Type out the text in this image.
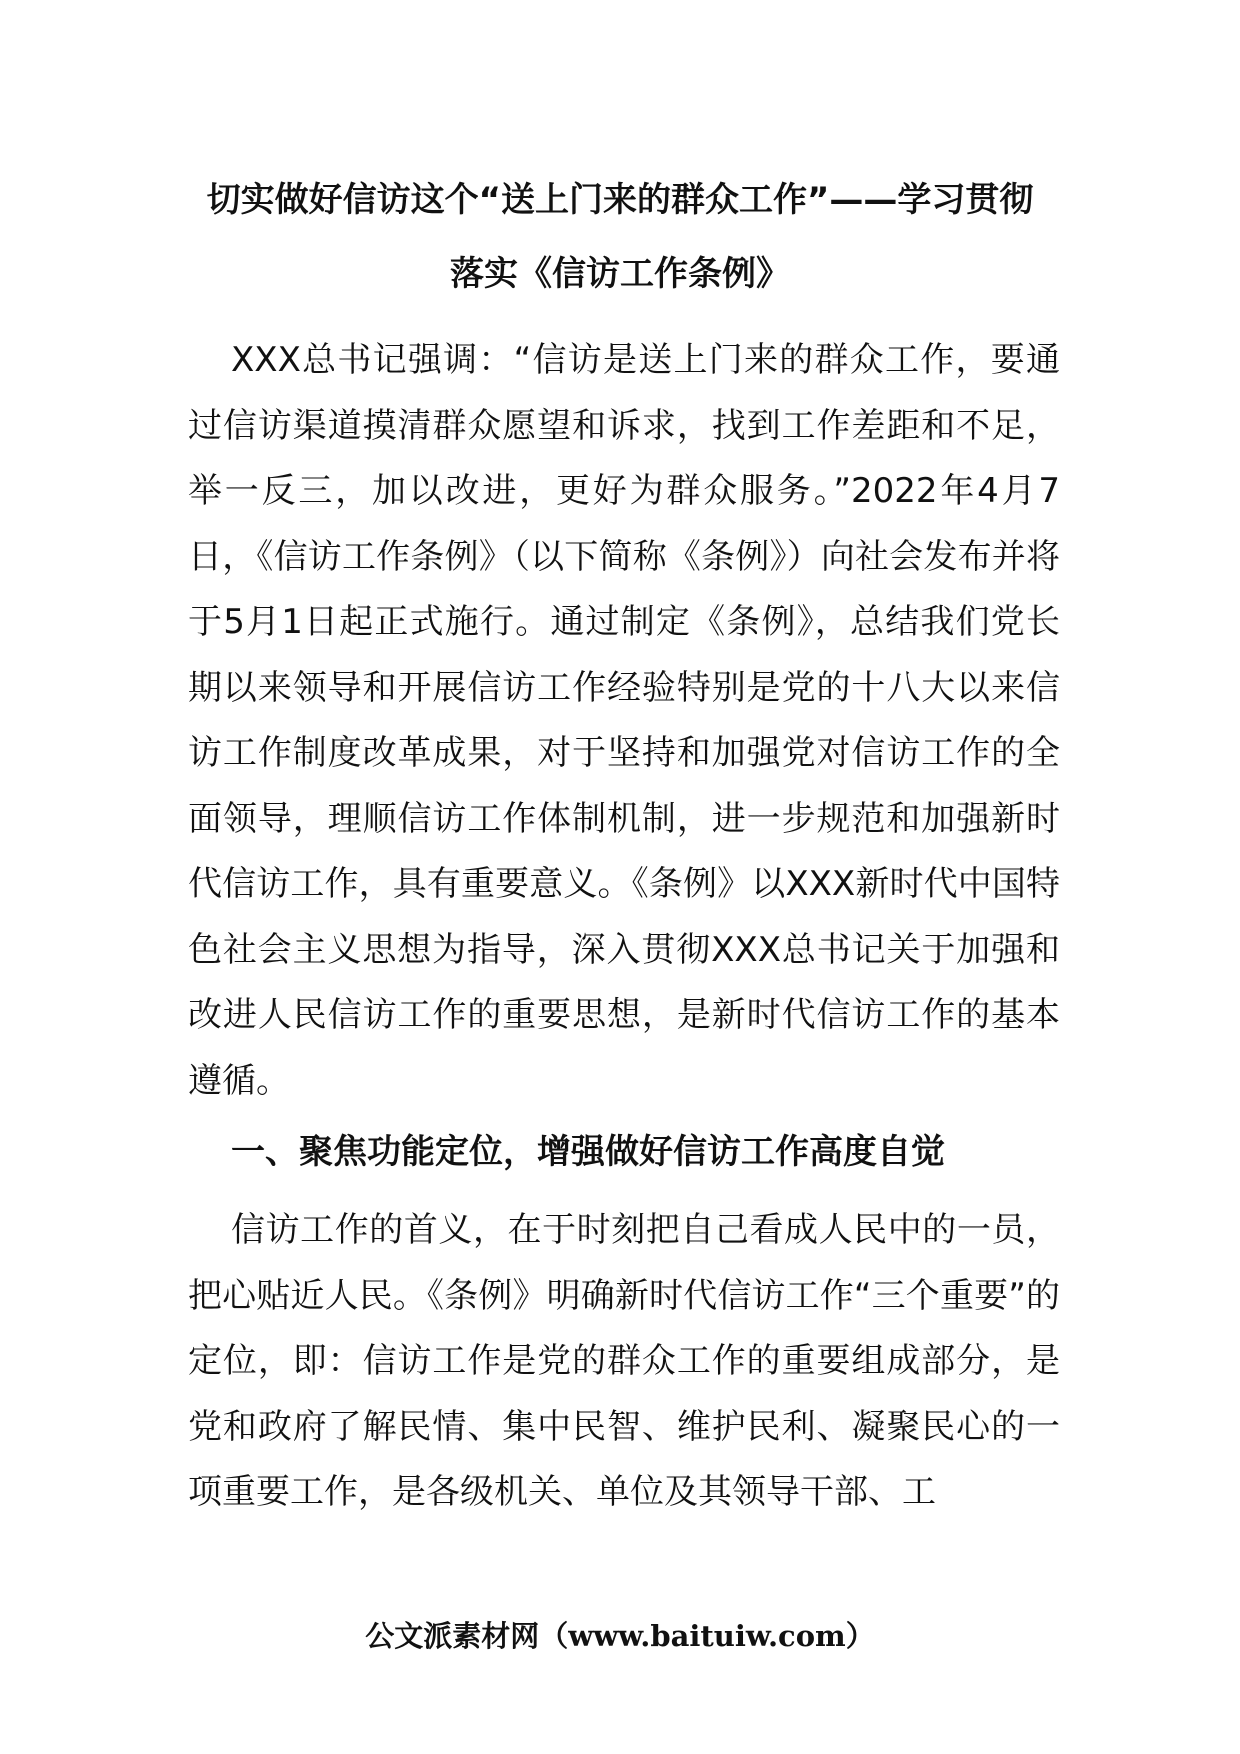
切实做好信访这个“送上门来的群众工作”——学习贯彻
落实《信访工作条例》

XXX总书记强调：“信访是送上门来的群众工作，要通过信访渠道摸清群众愿望和诉求，找到工作差距和不足，举一反三，加以改进，更好为群众服务。”2022年4月7日，《信访工作条例》（以下简称《条例》）向社会发布并将于5月1日起正式施行。通过制定《条例》，总结我们党长期以来领导和开展信访工作经验特别是党的十八大以来信访工作制度改革成果，对于坚持和加强党对信访工作的全面领导，理顺信访工作体制机制，进一步规范和加强新时代信访工作，具有重要意义。《条例》以XXX新时代中国特色社会主义思想为指导，深入贯彻XXX总书记关于加强和改进人民信访工作的重要思想，是新时代信访工作的基本遵循。

一、聚焦功能定位，增强做好信访工作高度自觉

信访工作的首义，在于时刻把自己看成人民中的一员，把心贴近人民。《条例》明确新时代信访工作“三个重要”的定位，即：信访工作是党的群众工作的重要组成部分，是党和政府了解民情、集中民智、维护民利、凝聚民心的一项重要工作，是各级机关、单位及其领导干部、工

公文派素材网（www.baituiw.com）
